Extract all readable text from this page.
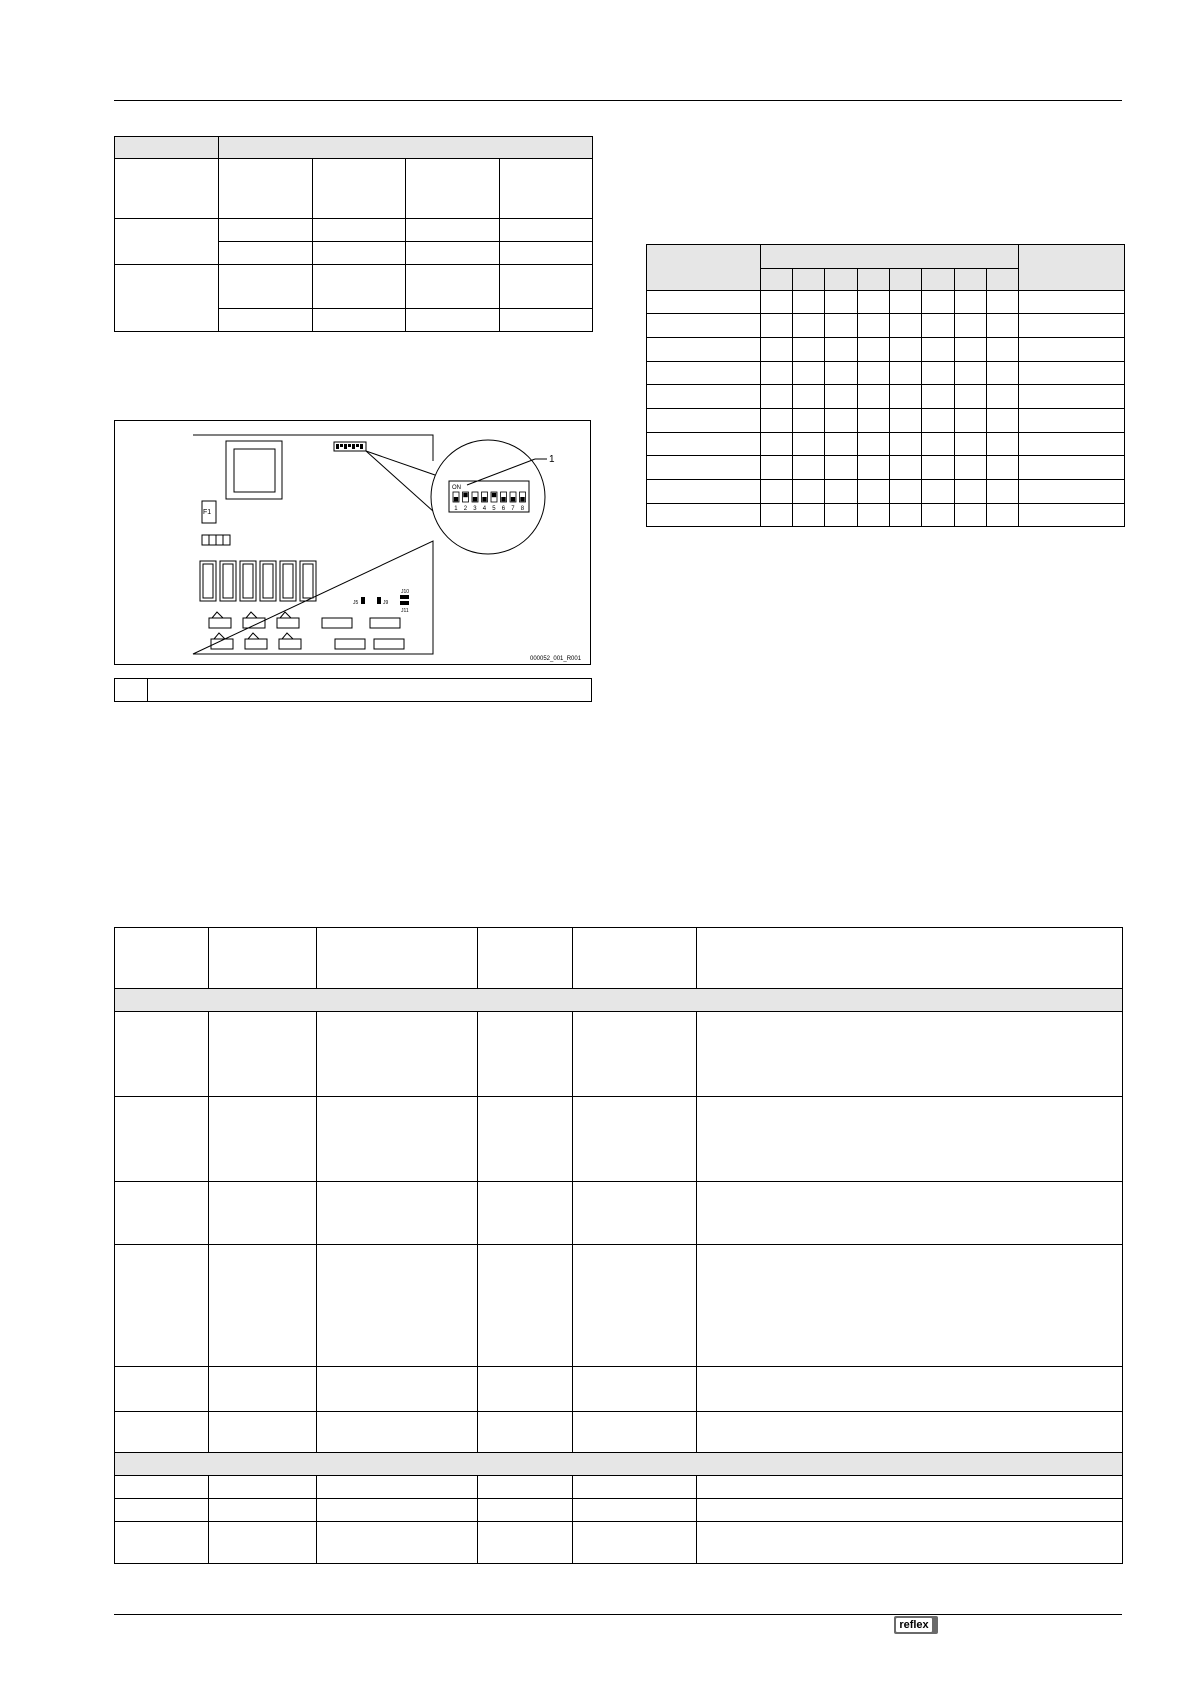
ON
1 2 3 4 5 6 7 8
1
F1
J5	J9
J10
J11
000052_001_R001

reflex
